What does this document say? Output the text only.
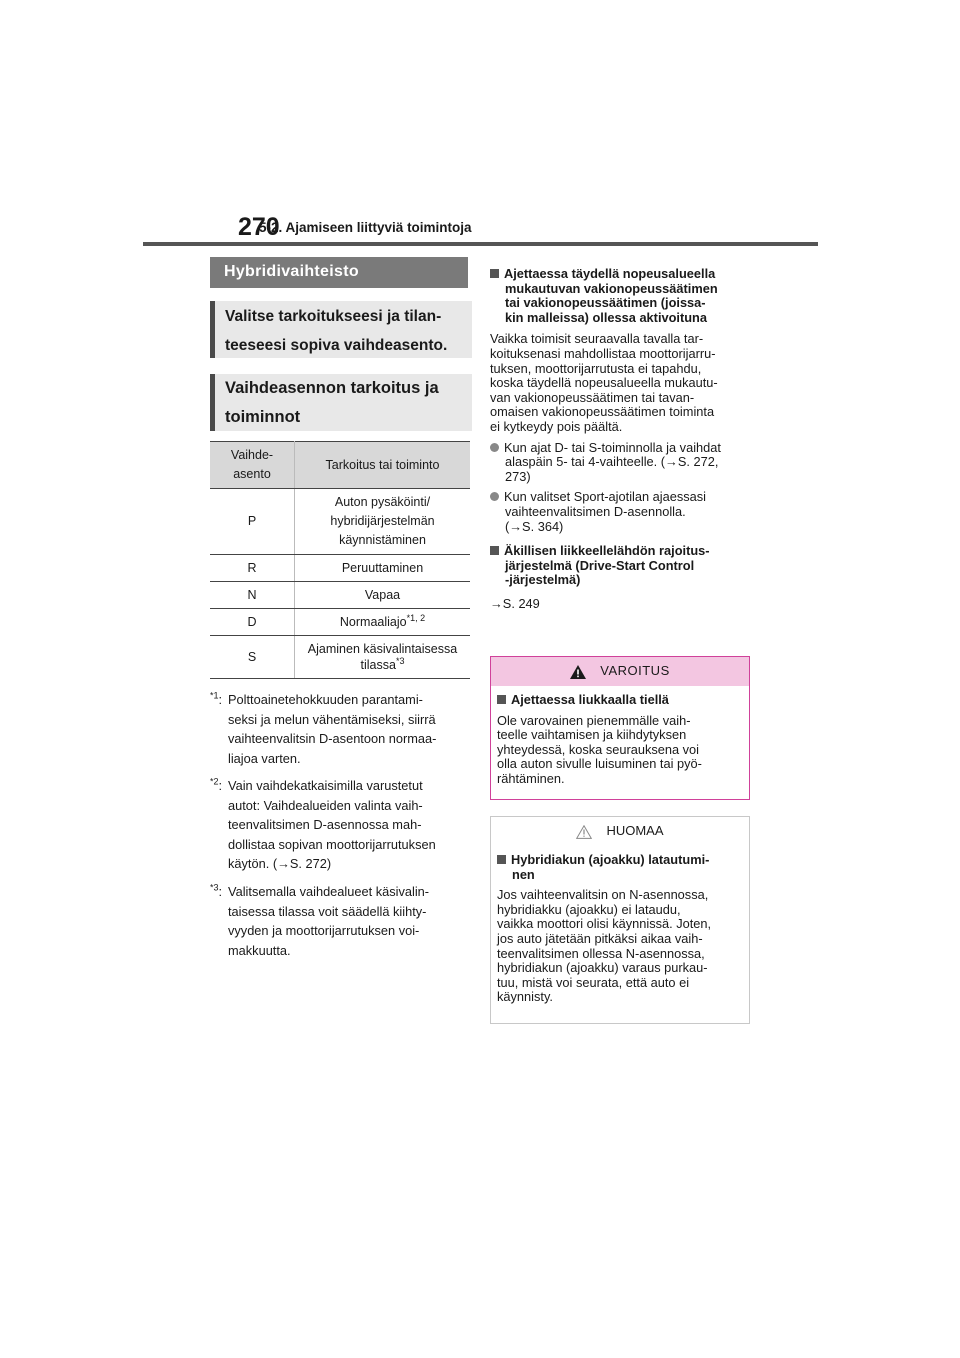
270
5-2. Ajamiseen liittyviä toimintoja
Hybridivaihteisto
Valitse tarkoitukseesi ja tilan-
teeseesi sopiva vaihdeasento.
Vaihdeasennon tarkoitus ja
toiminnot
Vaihde-
asento	Tarkoitus tai toiminto
P	Auton pysäköinti/
hybridijärjestelmän
käynnistäminen

R	Peruuttaminen
N	Vapaa
D	Normaaliajo$^{*1, 2}$
S	Ajaminen käsivalintaisessa
tilassa$^{*3}$
$^{*1}$: Polttoainetehokkuuden parantami-
seksi ja melun vähentämiseksi, siirrä
vaihteenvalitsin D-asentoon normaa-
liajoa varten.
$^{*2}$: Vain vaihdekatkaisimilla varustetut
autot: Vaihdealueiden valinta vaih-
teenvalitsimen D-asennossa mah-
dollistaa sopivan moottorijarrutuksen
käytön. (→S. 272)
$^{*3}$: Valitsemalla vaihdealueet käsivalin-
taisessa tilassa voit säädellä kiihty-
vyyden ja moottorijarrutuksen voi-
makkuutta.
Ajettaessa täydellä nopeusalueella
mukautuvan vakionopeussäätimen
tai vakionopeussäätimen (joissa-
kin malleissa) ollessa aktivoituna
Vaikka toimisit seuraavalla tavalla tar-
koituksenasi mahdollistaa moottorijarru-
tuksen, moottorijarrutusta ei tapahdu,
koska täydellä nopeusalueella mukautu-
van vakionopeussäätimen tai tavan-
omaisen vakionopeussäätimen toiminta
ei kytkeydy pois päältä.
Kun ajat D- tai S-toiminnolla ja vaihdat
alaspäin 5- tai 4-vaihteelle. (→S. 272,
273)
Kun valitset Sport-ajotilan ajaessasi
vaihteenvalitsimen D-asennolla.
(→S. 364)
Äkillisen liikkeellelähdön rajoitus-
järjestelmä (Drive-Start Control
-järjestelmä)
→S. 249
VAROITUS
Ajettaessa liukkaalla tiellä
Ole varovainen pienemmälle vaih-
teelle vaihtamisen ja kiihdytyksen
yhteydessä, koska seurauksena voi
olla auton sivulle luisuminen tai pyö-
rähtäminen.
HUOMAA
Hybridiakun (ajoakku) latautumi-
nen
Jos vaihteenvalitsin on N-asennossa,
hybridiakku (ajoakku) ei lataudu,
vaikka moottori olisi käynnissä. Joten,
jos auto jätetään pitkäksi aikaa vaih-
teenvalitsimen ollessa N-asennossa,
hybridiakun (ajoakku) varaus purkau-
tuu, mistä voi seurata, että auto ei
käynnisty.
